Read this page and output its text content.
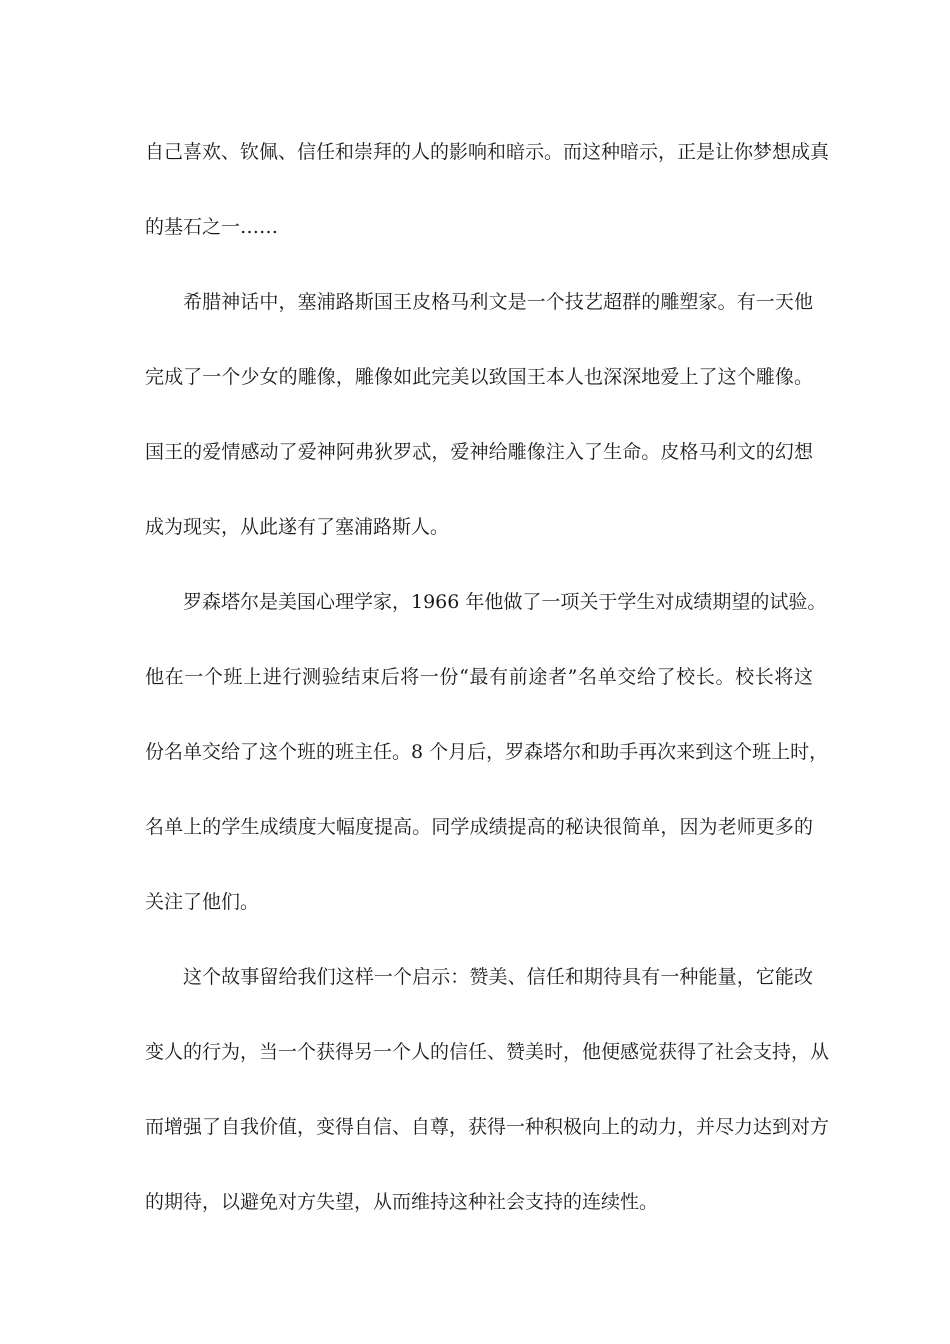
自己喜欢、钦佩、信任和崇拜的人的影响和暗示。而这种暗示，正是让你梦想成真
的基石之一……
希腊神话中，塞浦路斯国王皮格马利文是一个技艺超群的雕塑家。有一天他
完成了一个少女的雕像，雕像如此完美以致国王本人也深深地爱上了这个雕像。
国王的爱情感动了爱神阿弗狄罗忒，爱神给雕像注入了生命。皮格马利文的幻想
成为现实，从此遂有了塞浦路斯人。
罗森塔尔是美国心理学家，1966 年他做了一项关于学生对成绩期望的试验。
他在一个班上进行测验结束后将一份“最有前途者”名单交给了校长。校长将这
份名单交给了这个班的班主任。8 个月后，罗森塔尔和助手再次来到这个班上时，
名单上的学生成绩度大幅度提高。同学成绩提高的秘诀很简单，因为老师更多的
关注了他们。
这个故事留给我们这样一个启示：赞美、信任和期待具有一种能量，它能改
变人的行为，当一个获得另一个人的信任、赞美时，他便感觉获得了社会支持，从
而增强了自我价值，变得自信、自尊，获得一种积极向上的动力，并尽力达到对方
的期待，以避免对方失望，从而维持这种社会支持的连续性。
